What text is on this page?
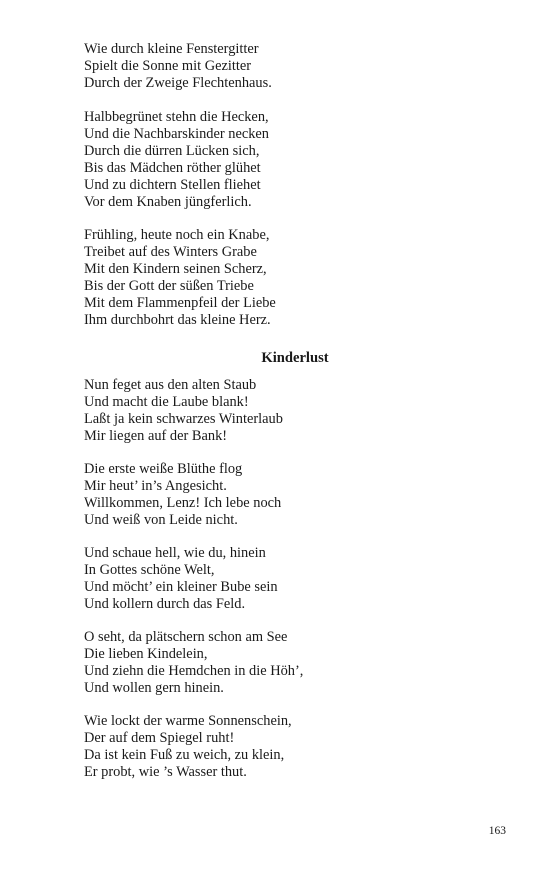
Wie durch kleine Fenstergitter
Spielt die Sonne mit Gezitter
Durch der Zweige Flechtenhaus.
Halbbegrünet stehn die Hecken,
Und die Nachbarskinder necken
Durch die dürren Lücken sich,
Bis das Mädchen röther glühet
Und zu dichtern Stellen fliehet
Vor dem Knaben jüngferlich.
Frühling, heute noch ein Knabe,
Treibet auf des Winters Grabe
Mit den Kindern seinen Scherz,
Bis der Gott der süßen Triebe
Mit dem Flammenpfeil der Liebe
Ihm durchbohrt das kleine Herz.
Kinderlust
Nun feget aus den alten Staub
Und macht die Laube blank!
Laßt ja kein schwarzes Winterlaub
Mir liegen auf der Bank!
Die erste weiße Blüthe flog
Mir heut’ in’s Angesicht.
Willkommen, Lenz! Ich lebe noch
Und weiß von Leide nicht.
Und schaue hell, wie du, hinein
In Gottes schöne Welt,
Und möcht’ ein kleiner Bube sein
Und kollern durch das Feld.
O seht, da plätschern schon am See
Die lieben Kindelein,
Und ziehn die Hemdchen in die Höh’,
Und wollen gern hinein.
Wie lockt der warme Sonnenschein,
Der auf dem Spiegel ruht!
Da ist kein Fuß zu weich, zu klein,
Er probt, wie ’s Wasser thut.
163
